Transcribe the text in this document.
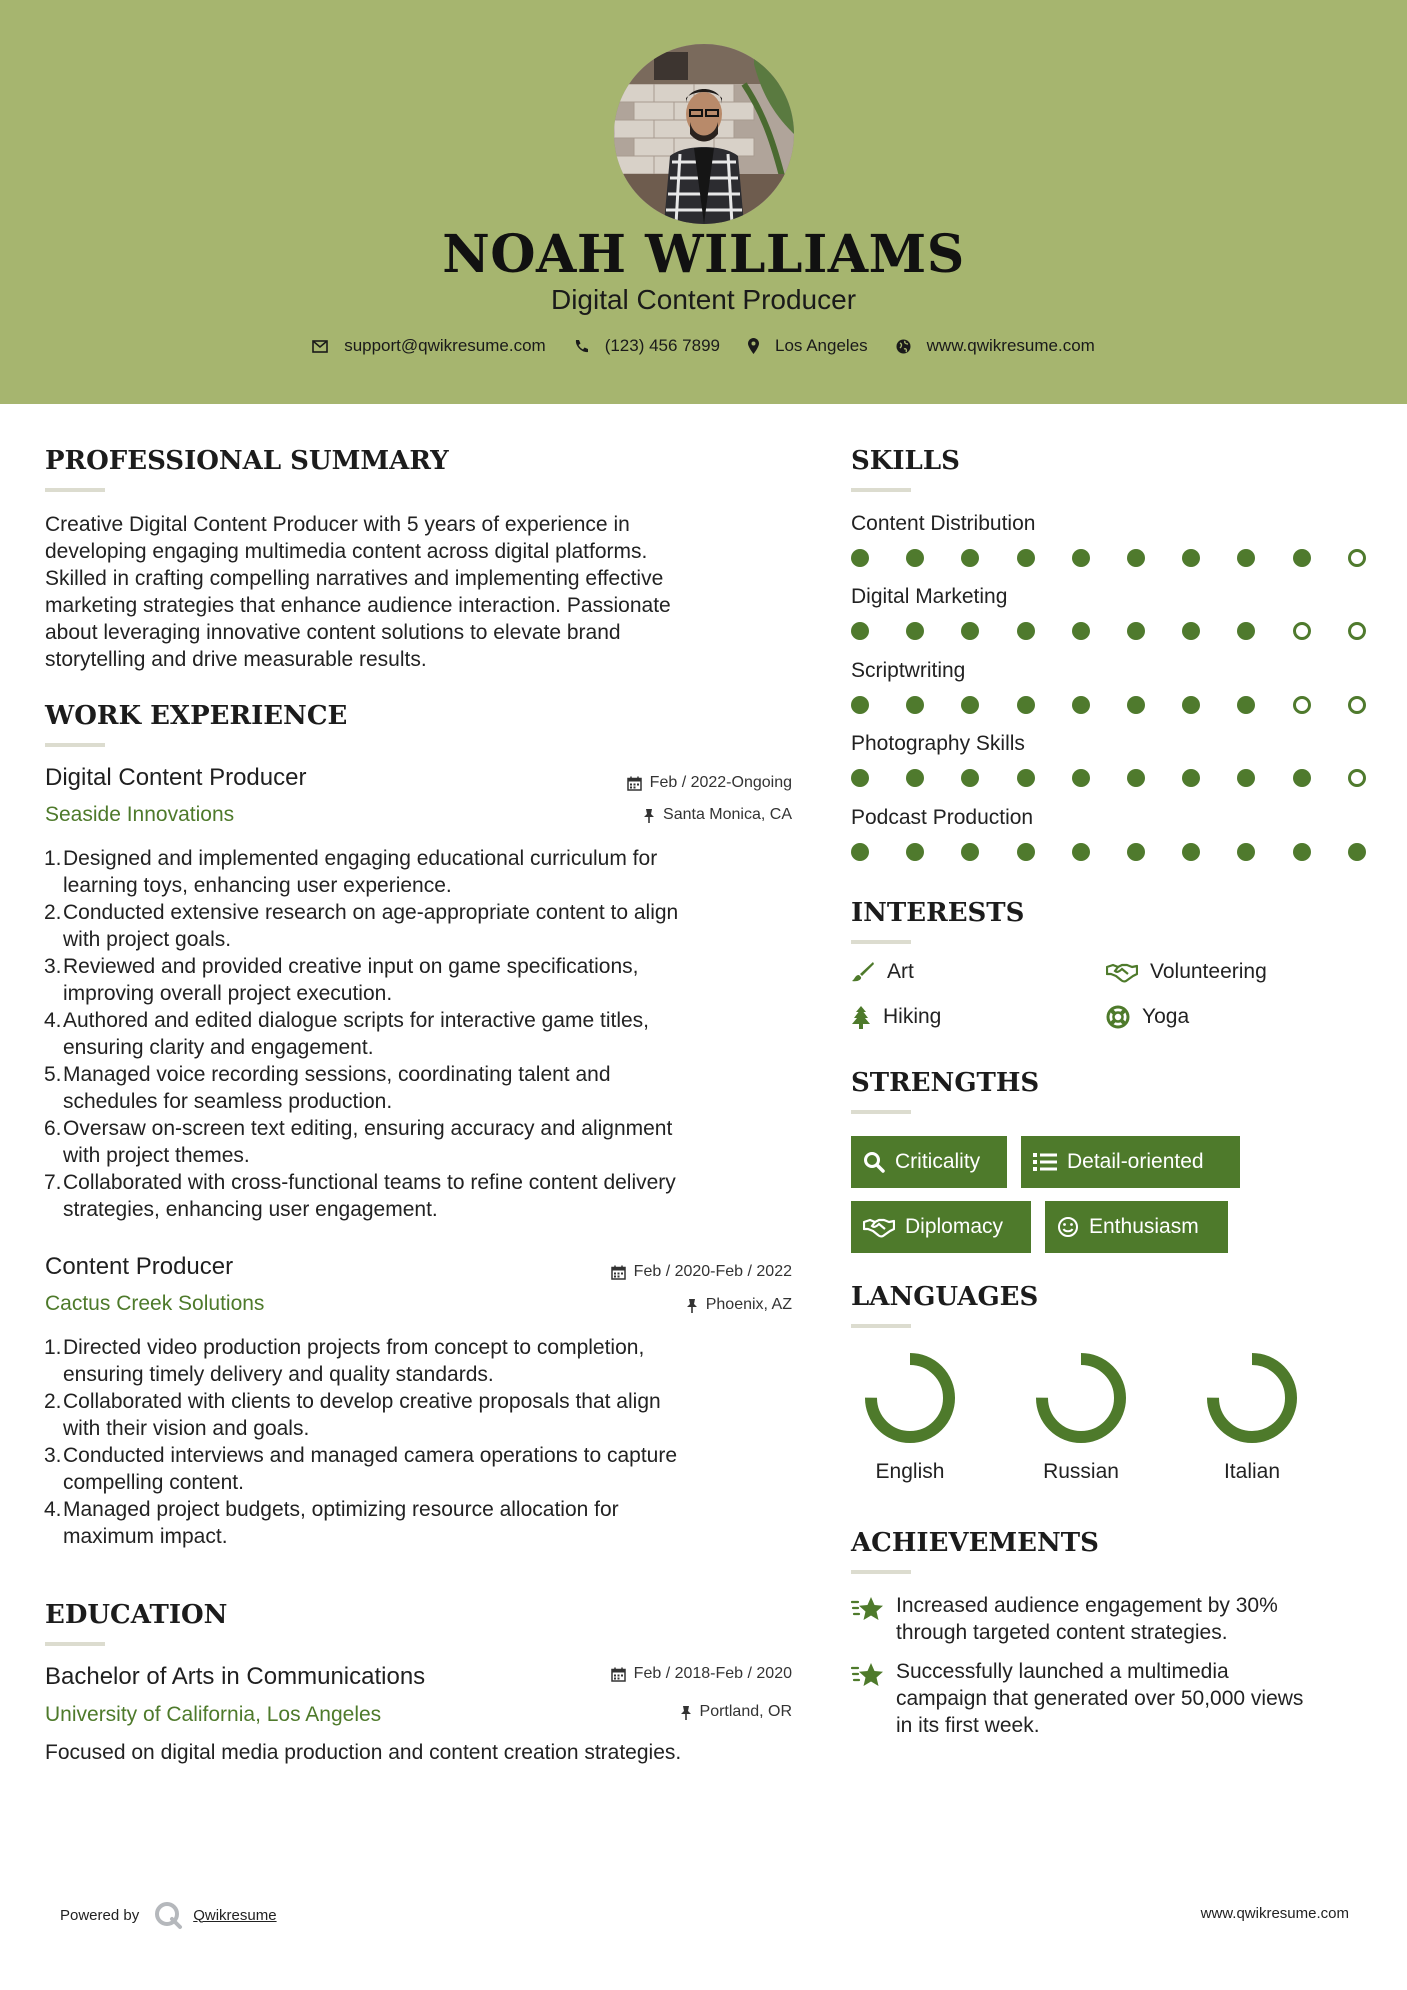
NOAH WILLIAMS
Digital Content Producer
support@qwikresume.com	(123) 456 7899	Los Angeles	www.qwikresume.com
PROFESSIONAL SUMMARY
Creative Digital Content Producer with 5 years of experience in
developing engaging multimedia content across digital platforms.
Skilled in crafting compelling narratives and implementing effective
marketing strategies that enhance audience interaction. Passionate
about leveraging innovative content solutions to elevate brand
storytelling and drive measurable results.
WORK EXPERIENCE
Digital Content Producer	Feb / 2022-Ongoing
Seaside Innovations	Santa Monica, CA
1. Designed and implemented engaging educational curriculum for
learning toys, enhancing user experience.
2. Conducted extensive research on age-appropriate content to align
with project goals.
3. Reviewed and provided creative input on game specifications,
improving overall project execution.
4. Authored and edited dialogue scripts for interactive game titles,
ensuring clarity and engagement.
5. Managed voice recording sessions, coordinating talent and
schedules for seamless production.
6. Oversaw on-screen text editing, ensuring accuracy and alignment
with project themes.
7. Collaborated with cross-functional teams to refine content delivery
strategies, enhancing user engagement.
Content Producer	Feb / 2020-Feb / 2022
Cactus Creek Solutions	Phoenix, AZ
1. Directed video production projects from concept to completion,
ensuring timely delivery and quality standards.
2. Collaborated with clients to develop creative proposals that align
with their vision and goals.
3. Conducted interviews and managed camera operations to capture
compelling content.
4. Managed project budgets, optimizing resource allocation for
maximum impact.
EDUCATION
Bachelor of Arts in Communications	Feb / 2018-Feb / 2020
University of California, Los Angeles	Portland, OR
Focused on digital media production and content creation strategies.
SKILLS
Content Distribution
Digital Marketing
Scriptwriting
Photography Skills
Podcast Production
INTERESTS
Art	Volunteering
Hiking	Yoga
STRENGTHS
Criticality	Detail-oriented
Diplomacy	Enthusiasm
LANGUAGES
English	Russian	Italian
ACHIEVEMENTS
Increased audience engagement by 30%
through targeted content strategies.
Successfully launched a multimedia
campaign that generated over 50,000 views
in its first week.
Powered by	Qwikresume	www.qwikresume.com
